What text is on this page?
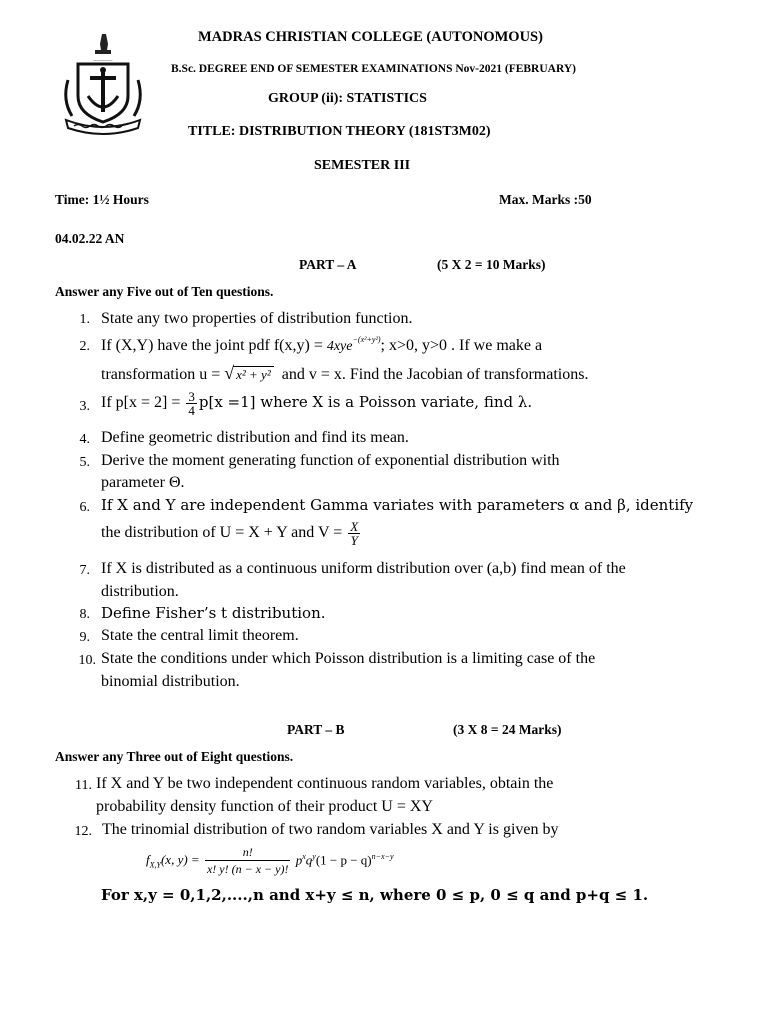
~~~~~~~
MADRAS CHRISTIAN COLLEGE (AUTONOMOUS)
B.Sc. DEGREE END OF SEMESTER EXAMINATIONS Nov-2021 (FEBRUARY)
GROUP (ii): STATISTICS
TITLE: DISTRIBUTION THEORY (181ST3M02)
SEMESTER III
Time: 1½ Hours	Max. Marks :50
04.02.22 AN
PART – A	(5 X 2 = 10 Marks)
Answer any Five out of Ten questions.
1. State any two properties of distribution function.
2. If (X,Y) have the joint pdf f(x,y) = 4xye$^{-(x^2+y^2)}$; x>0, y>0 . If we make a
transformation u = √ x² + y² and v = x. Find the Jacobian of transformations.
3. If $p[x = 2] = \frac{3}{4} p[x =1]$ where X is a Poisson variate, find λ.
4. Define geometric distribution and find its mean.
5. Derive the moment generating function of exponential distribution with
parameter Θ.
6. If X and Y are independent Gamma variates with parameters α and β, identify
the distribution of U = X + Y and $V = \frac{X}{Y}$
7. If X is distributed as a continuous uniform distribution over (a,b) find mean of the
distribution.
8. Define Fisher’s t distribution.
9. State the central limit theorem.
10. State the conditions under which Poisson distribution is a limiting case of the
binomial distribution.
PART – B	(3 X 8 = 24 Marks)
Answer any Three out of Eight questions.
11. If X and Y be two independent continuous random variables, obtain the
probability density function of their product U = XY
12. The trinomial distribution of two random variables X and Y is given by
$f_{X,Y}(x$, $y) = \frac{n!}{x! y! (n - x - y)!} p^xq^y(1 - p - q)^{n-x-y}$
For x,y = 0,1,2,....,n and x+y ≤ n, where 0 ≤ p, 0 ≤ q and p+q ≤ 1.
